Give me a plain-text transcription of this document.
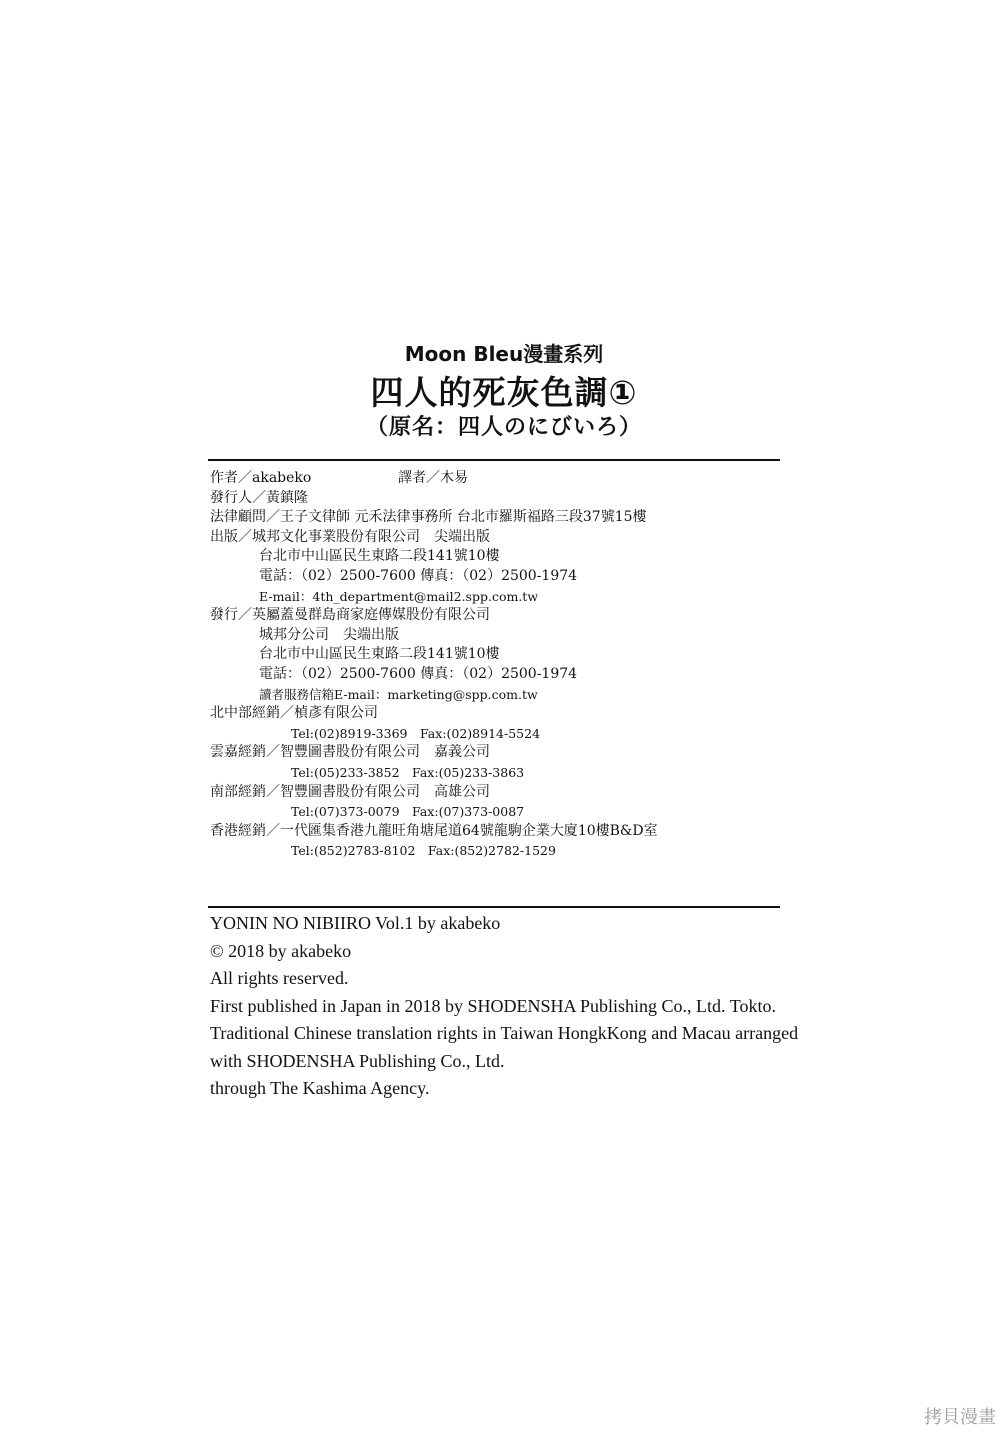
Moon Bleu漫畫系列
四人的死灰色調①
（原名：四人のにびいろ）
作者／akabeko	譯者／木易
發行人／黃鎮隆
法律顧問／王子文律師 元禾法律事務所 台北市羅斯福路三段37號15樓
出版／城邦文化事業股份有限公司　尖端出版
台北市中山區民生東路二段141號10樓
電話：（02）2500-7600 傳真：（02）2500-1974
E-mail：4th_department@mail2.spp.com.tw
發行／英屬蓋曼群島商家庭傳媒股份有限公司
城邦分公司　尖端出版
台北市中山區民生東路二段141號10樓
電話：（02）2500-7600 傳真：（02）2500-1974
讀者服務信箱E-mail：marketing@spp.com.tw
北中部經銷／楨彥有限公司
Tel:(02)8919-3369　Fax:(02)8914-5524
雲嘉經銷／智豐圖書股份有限公司　嘉義公司
Tel:(05)233-3852　Fax:(05)233-3863
南部經銷／智豐圖書股份有限公司　高雄公司
Tel:(07)373-0079　Fax:(07)373-0087
香港經銷／一代匯集香港九龍旺角塘尾道64號龍駒企業大廈10樓B&D室
Tel:(852)2783-8102　Fax:(852)2782-1529
YONIN NO NIBIIRO Vol.1 by akabeko
© 2018 by akabeko
All rights reserved.
First published in Japan in 2018 by SHODENSHA Publishing Co., Ltd. Tokto.
Traditional Chinese translation rights in Taiwan HongkKong and Macau arranged
with SHODENSHA Publishing Co., Ltd.
through The Kashima Agency.
拷貝漫畫
